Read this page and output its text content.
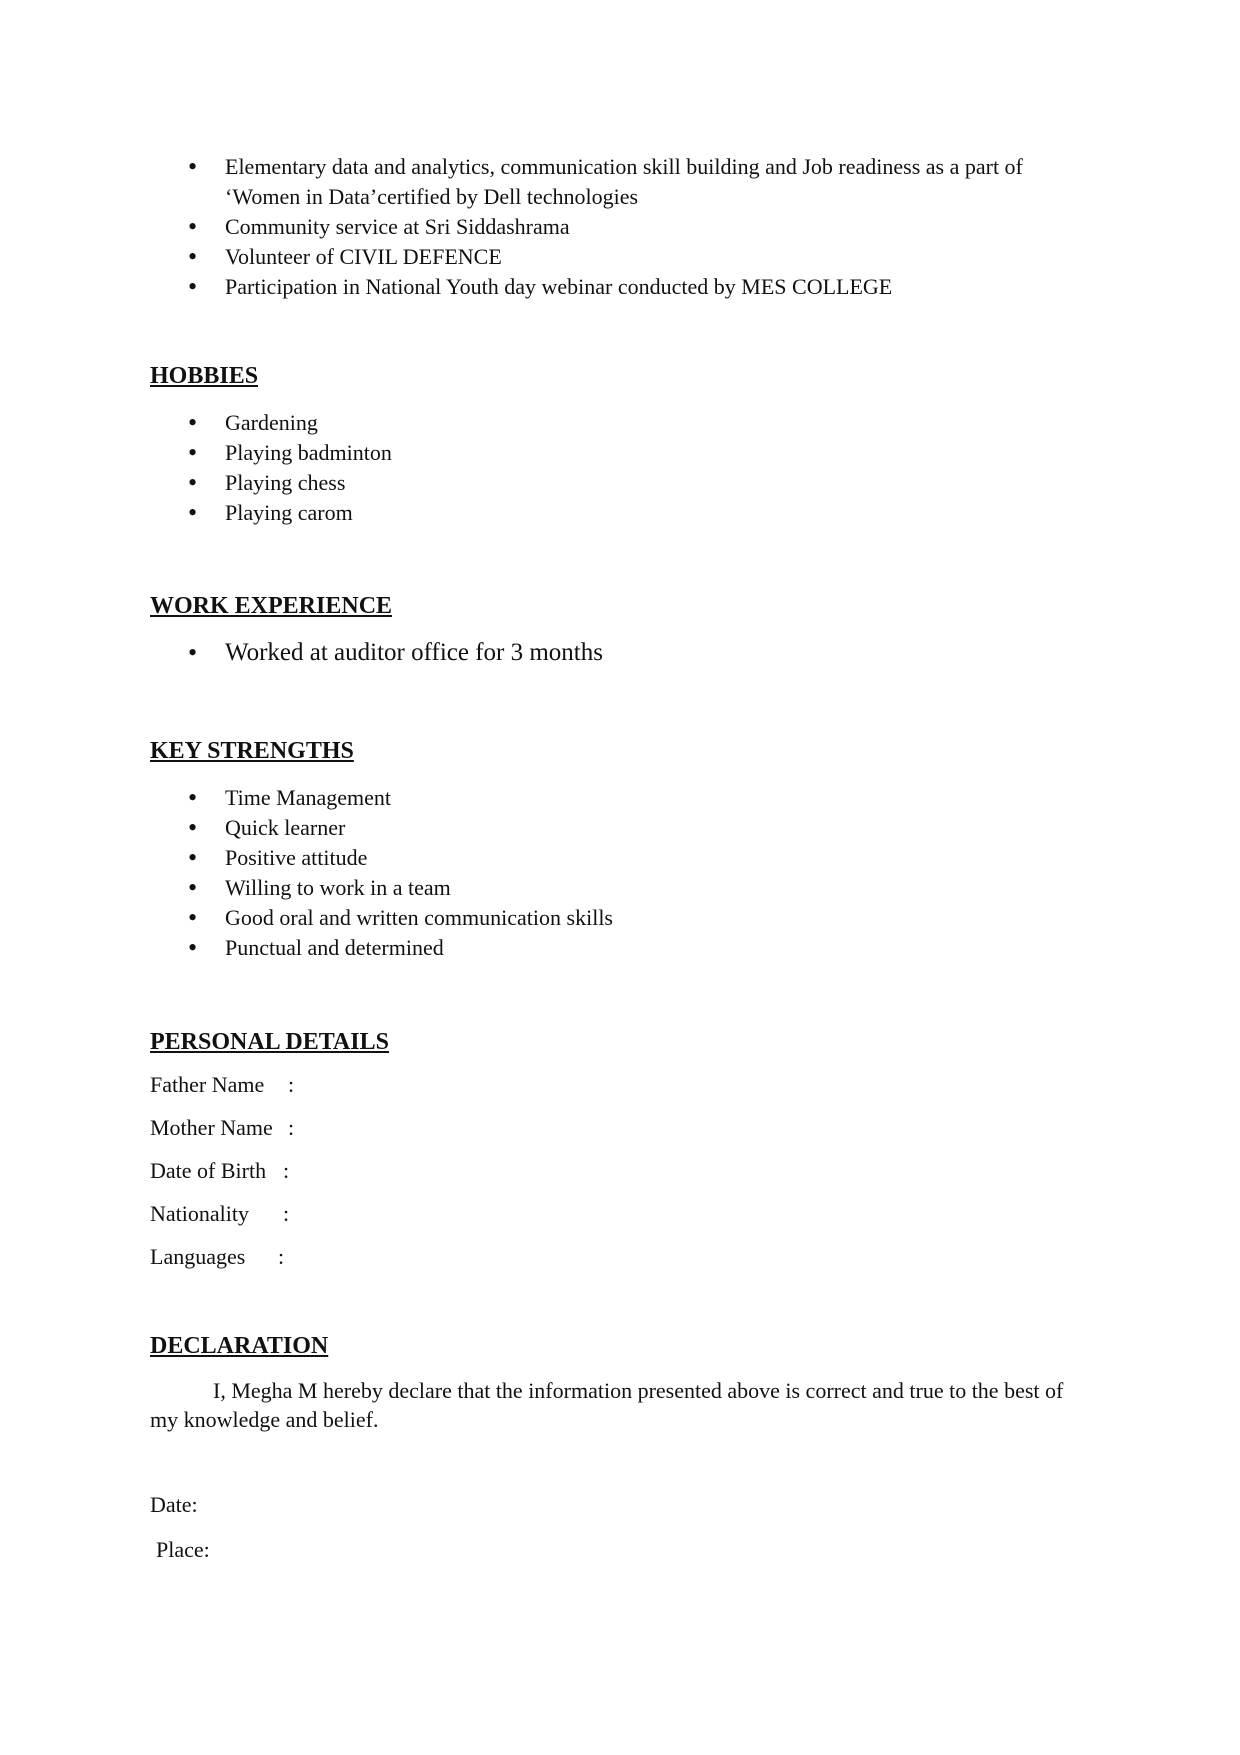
• Elementary data and analytics, communication skill building and Job readiness as a part of ‘Women in Data’certified by Dell technologies
• Community service at Sri Siddashrama
• Volunteer of CIVIL DEFENCE
• Participation in National Youth day webinar conducted by MES COLLEGE
HOBBIES
• Gardening
• Playing badminton
• Playing chess
• Playing carom
WORK EXPERIENCE
• Worked at auditor office for 3 months
KEY STRENGTHS
• Time Management
• Quick learner
• Positive attitude
• Willing to work in a team
• Good oral and written communication skills
• Punctual and determined
PERSONAL DETAILS
Father Name :
Mother Name :
Date of Birth :
Nationality :
Languages :
DECLARATION

I, Megha M hereby declare that the information presented above is correct and true to the best of my knowledge and belief.

Date:
Place:
